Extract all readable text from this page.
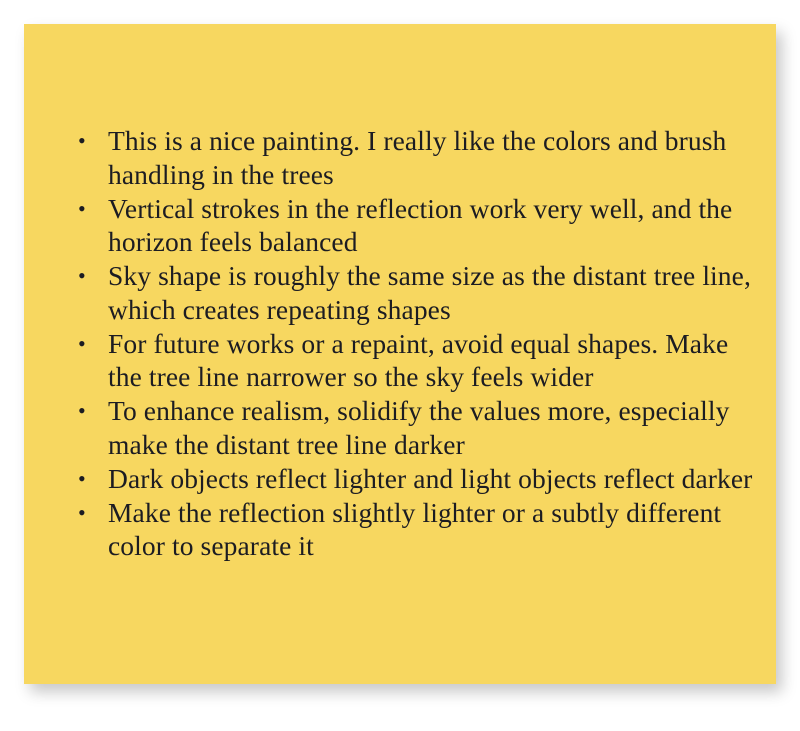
• This is a nice painting. I really like the colors and brush handling in the trees
• Vertical strokes in the reflection work very well, and the horizon feels balanced
• Sky shape is roughly the same size as the distant tree line, which creates repeating shapes
• For future works or a repaint, avoid equal shapes. Make the tree line narrower so the sky feels wider
• To enhance realism, solidify the values more, especially make the distant tree line darker
• Dark objects reflect lighter and light objects reflect darker
• Make the reflection slightly lighter or a subtly different color to separate it
